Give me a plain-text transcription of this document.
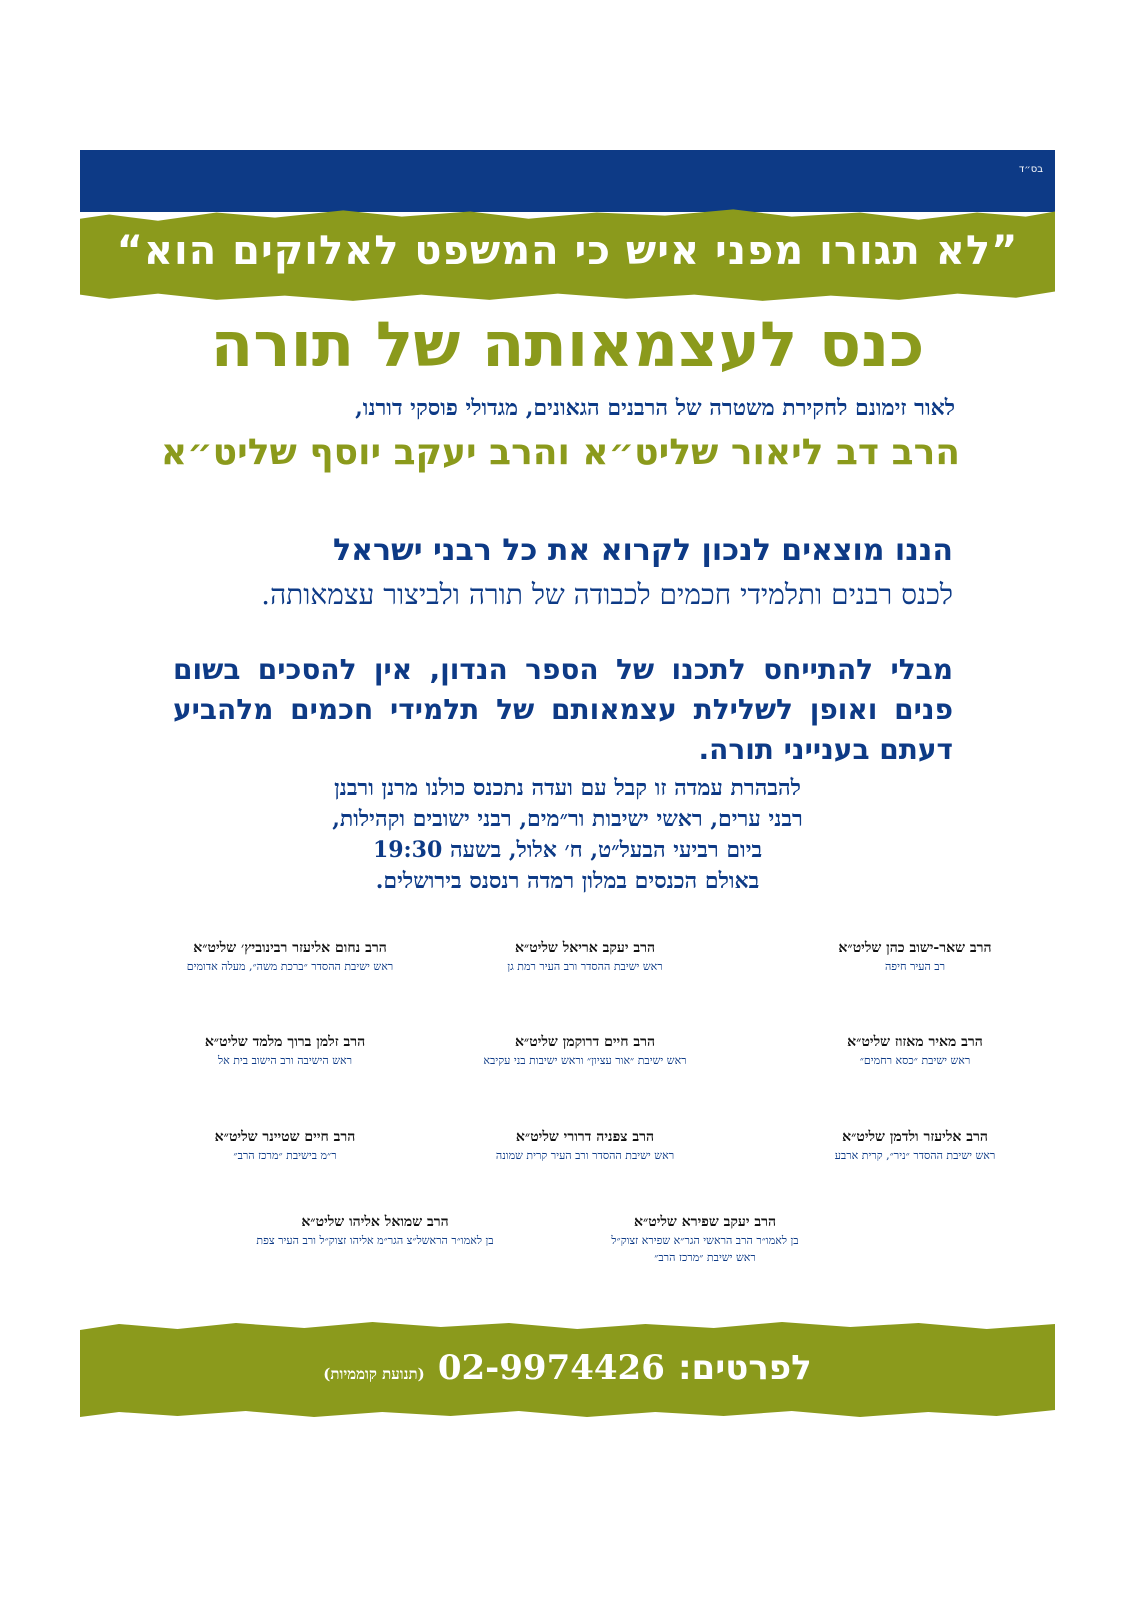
בס״ד
”לא תגורו מפני איש כי המשפט לאלוקים הוא“
כנס לעצמאותה של תורה
לאור זימונם לחקירת משטרה של הרבנים הגאונים, מגדולי פוסקי דורנו,
הרב דב ליאור שליט״א והרב יעקב יוסף שליט״א
הננו מוצאים לנכון לקרוא את כל רבני ישראל
לכנס רבנים ותלמידי חכמים לכבודה של תורה ולביצור עצמאותה.
מבלי להתייחס לתכנו של הספר הנדון, אין להסכים בשום פנים ואופן לשלילת עצמאותם של תלמידי חכמים מלהביע דעתם בענייני תורה.
להבהרת עמדה זו קבל עם ועדה נתכנס כולנו מרנן ורבנן
רבני ערים, ראשי ישיבות ור״מים, רבני ישובים וקהילות,
ביום רביעי הבעל״ט, ח׳ אלול, בשעה 19:30
באולם הכנסים במלון רמדה רנסנס בירושלים.
הרב שאר-ישוב כהן שליט״א
רב העיר חיפה
הרב יעקב אריאל שליט״א
ראש ישיבת ההסדר ורב העיר רמת גן
הרב נחום אליעזר רבינוביץ׳ שליט״א
ראש ישיבת ההסדר ״ברכת משה״, מעלה אדומים
הרב מאיר מאזוז שליט״א
ראש ישיבת ״כסא רחמים״
הרב חיים דרוקמן שליט״א
ראש ישיבת ״אור עציון״ וראש ישיבות בני עקיבא
הרב זלמן ברוך מלמד שליט״א
ראש הישיבה ורב הישוב בית אל
הרב אליעזר ולדמן שליט״א
ראש ישיבת ההסדר ״ניר״, קרית ארבע
הרב צפניה דרורי שליט״א
ראש ישיבת ההסדר ורב העיר קרית שמונה
הרב חיים שטיינר שליט״א
ר״מ בישיבת ״מרכז הרב״
הרב יעקב שפירא שליט״א
בן לאמו״ר הרב הראשי הגר״א שפירא זצוק״ל
ראש ישיבת ״מרכז הרב״
הרב שמואל אליהו שליט״א
בן לאמו״ר הראשל״צ הגר״מ אליהו זצוק״ל ורב העיר צפת
לפרטים: 02-9974426 (תנועת קוממיות)
